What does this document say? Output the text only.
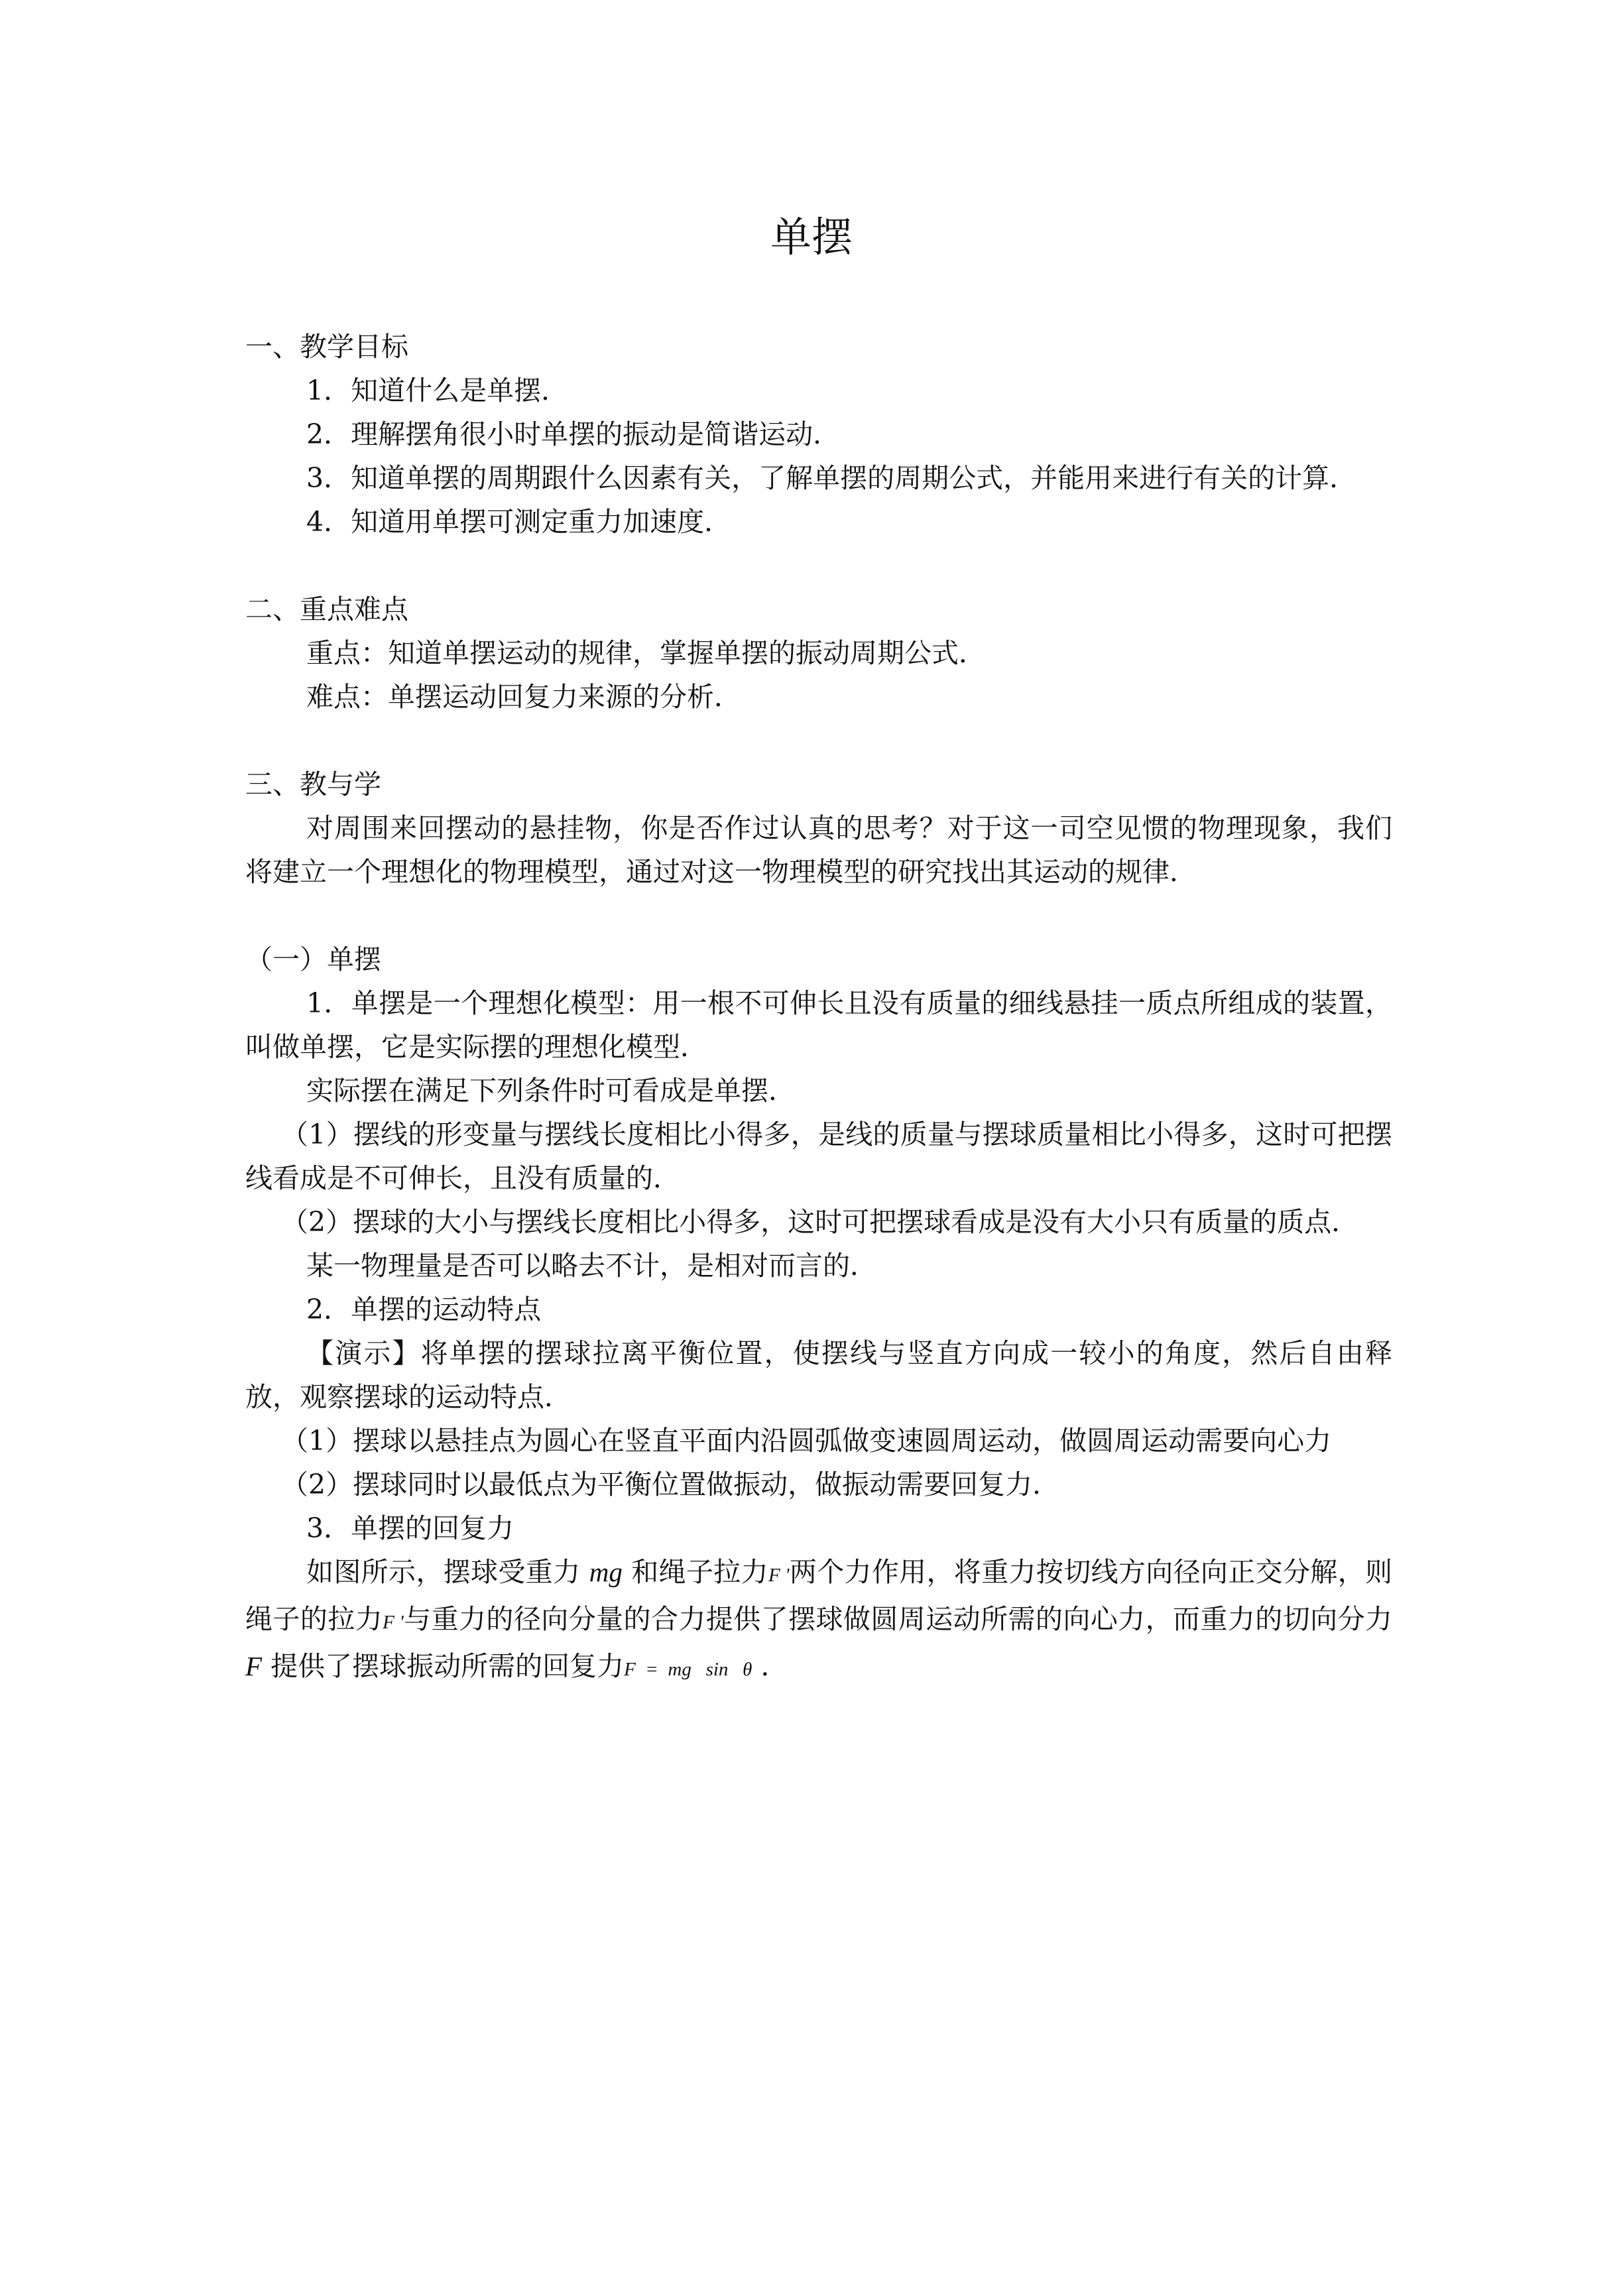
单摆

一、教学目标

1．知道什么是单摆．

2．理解摆角很小时单摆的振动是简谐运动．

3．知道单摆的周期跟什么因素有关，了解单摆的周期公式，并能用来进行有关的计算．

4．知道用单摆可测定重力加速度．

二、重点难点

重点：知道单摆运动的规律，掌握单摆的振动周期公式．

难点：单摆运动回复力来源的分析．

三、教与学

对周围来回摆动的悬挂物，你是否作过认真的思考？对于这一司空见惯的物理现象，我们将建立一个理想化的物理模型，通过对这一物理模型的研究找出其运动的规律．

（一）单摆

1．单摆是一个理想化模型：用一根不可伸长且没有质量的细线悬挂一质点所组成的装置，叫做单摆，它是实际摆的理想化模型．

实际摆在满足下列条件时可看成是单摆．

（1）摆线的形变量与摆线长度相比小得多，是线的质量与摆球质量相比小得多，这时可把摆线看成是不可伸长，且没有质量的．

（2）摆球的大小与摆线长度相比小得多，这时可把摆球看成是没有大小只有质量的质点．

某一物理量是否可以略去不计，是相对而言的．

2．单摆的运动特点

【演示】将单摆的摆球拉离平衡位置，使摆线与竖直方向成一较小的角度，然后自由释放，观察摆球的运动特点．

（1）摆球以悬挂点为圆心在竖直平面内沿圆弧做变速圆周运动，做圆周运动需要向心力

（2）摆球同时以最低点为平衡位置做振动，做振动需要回复力．

3．单摆的回复力

如图所示，摆球受重力 mg 和绳子拉力F '两个力作用，将重力按切线方向径向正交分解，则绳子的拉力F '与重力的径向分量的合力提供了摆球做圆周运动所需的向心力，而重力的切向分力 F 提供了摆球振动所需的回复力F  =  mg   sin   θ ．
